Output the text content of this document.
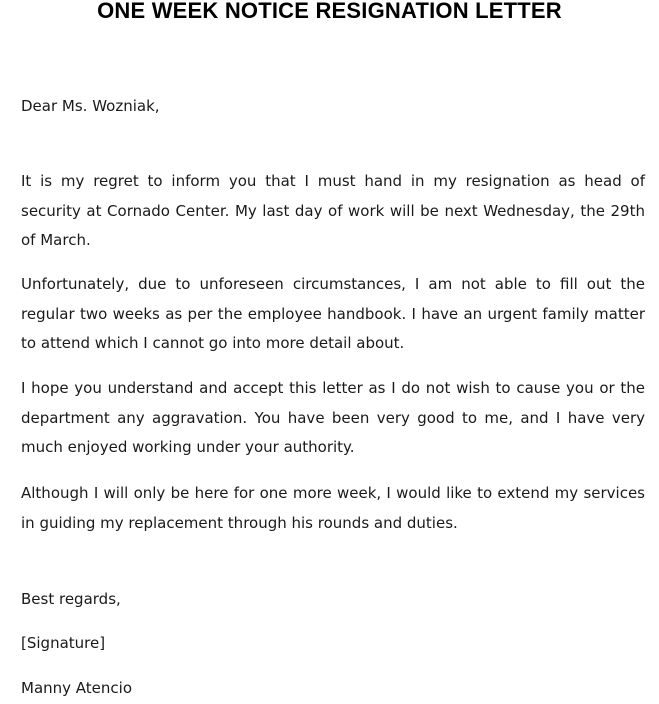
ONE WEEK NOTICE RESIGNATION LETTER

Dear Ms. Wozniak,

It is my regret to inform you that I must hand in my resignation as head of security at Cornado Center. My last day of work will be next Wednesday, the 29th of March.

Unfortunately, due to unforeseen circumstances, I am not able to fill out the regular two weeks as per the employee handbook. I have an urgent family matter to attend which I cannot go into more detail about.

I hope you understand and accept this letter as I do not wish to cause you or the department any aggravation. You have been very good to me, and I have very much enjoyed working under your authority.

Although I will only be here for one more week, I would like to extend my services in guiding my replacement through his rounds and duties.

Best regards,

[Signature]

Manny Atencio
